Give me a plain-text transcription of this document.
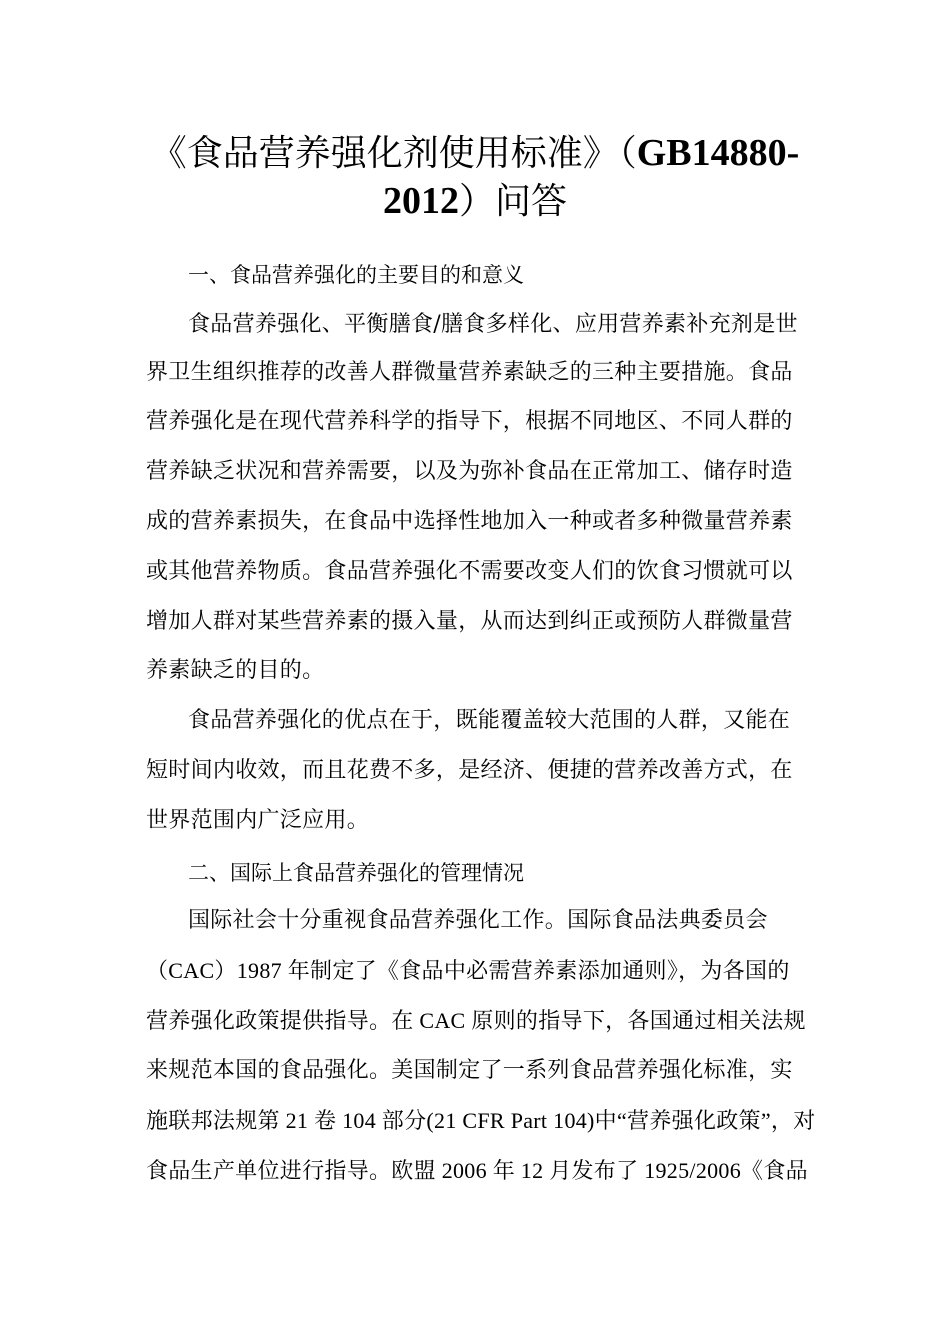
《食品营养强化剂使用标准》（GB14880-
2012）问答
一、食品营养强化的主要目的和意义
食品营养强化、平衡膳食/膳食多样化、应用营养素补充剂是世
界卫生组织推荐的改善人群微量营养素缺乏的三种主要措施。食品
营养强化是在现代营养科学的指导下，根据不同地区、不同人群的
营养缺乏状况和营养需要，以及为弥补食品在正常加工、储存时造
成的营养素损失，在食品中选择性地加入一种或者多种微量营养素
或其他营养物质。食品营养强化不需要改变人们的饮食习惯就可以
增加人群对某些营养素的摄入量，从而达到纠正或预防人群微量营
养素缺乏的目的。
食品营养强化的优点在于，既能覆盖较大范围的人群，又能在
短时间内收效，而且花费不多，是经济、便捷的营养改善方式，在
世界范围内广泛应用。
二、国际上食品营养强化的管理情况
国际社会十分重视食品营养强化工作。国际食品法典委员会
（CAC）1987 年制定了《食品中必需营养素添加通则》，为各国的
营养强化政策提供指导。在 CAC 原则的指导下，各国通过相关法规
来规范本国的食品强化。美国制定了一系列食品营养强化标准，实
施联邦法规第 21 卷 104 部分(21 CFR Part 104)中“营养强化政策”，对
食品生产单位进行指导。欧盟 2006 年 12 月发布了 1925/2006《食品
